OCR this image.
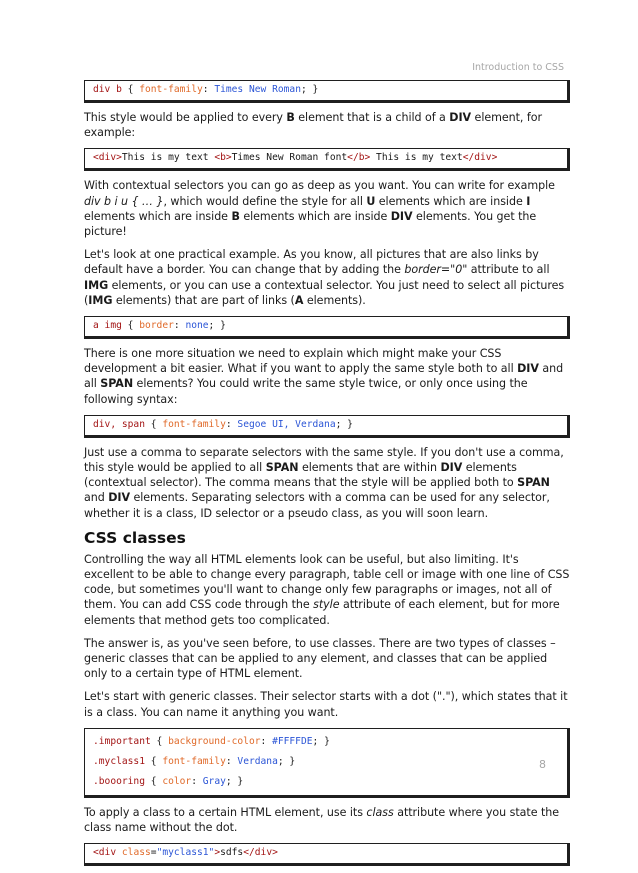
Introduction to CSS
div b { font-family: Times New Roman; }

This style would be applied to every B element that is a child of a DIV element, for example:

<div>This is my text <b>Times New Roman font</b> This is my text</div>

With contextual selectors you can go as deep as you want. You can write for example div b i u { … }, which would define the style for all U elements which are inside I elements which are inside B elements which are inside DIV elements. You get the picture!

Let's look at one practical example. As you know, all pictures that are also links by default have a border. You can change that by adding the border="0" attribute to all IMG elements, or you can use a contextual selector. You just need to select all pictures (IMG elements) that are part of links (A elements).

a img { border: none; }

There is one more situation we need to explain which might make your CSS development a bit easier. What if you want to apply the same style both to all DIV and all SPAN elements? You could write the same style twice, or only once using the following syntax:

div, span { font-family: Segoe UI, Verdana; }

Just use a comma to separate selectors with the same style. If you don't use a comma, this style would be applied to all SPAN elements that are within DIV elements (contextual selector). The comma means that the style will be applied both to SPAN and DIV elements. Separating selectors with a comma can be used for any selector, whether it is a class, ID selector or a pseudo class, as you will soon learn.

CSS classes

Controlling the way all HTML elements look can be useful, but also limiting. It's excellent to be able to change every paragraph, table cell or image with one line of CSS code, but sometimes you'll want to change only few paragraphs or images, not all of them. You can add CSS code through the style attribute of each element, but for more elements that method gets too complicated.

The answer is, as you've seen before, to use classes. There are two types of classes – generic classes that can be applied to any element, and classes that can be applied only to a certain type of HTML element.

Let's start with generic classes. Their selector starts with a dot ("."), which states that it is a class. You can name it anything you want.

.important { background-color: #FFFFDE; }
.myclass1 { font-family: Verdana; }
.boooring { color: Gray; }

To apply a class to a certain HTML element, use its class attribute where you state the class name without the dot.

<div class="myclass1">sdfs</div>
8
